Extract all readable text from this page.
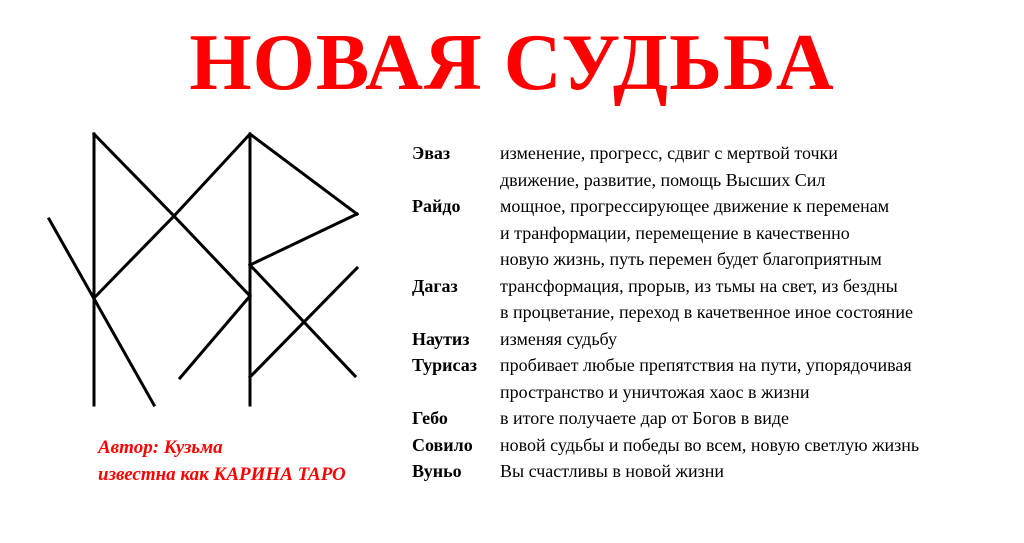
НОВАЯ СУДЬБА
Автор: Кузьма
известна как КАРИНА ТАРО
Эваз	изменение, прогресс, сдвиг с мертвой точки
движение, развитие, помощь Высших Сил
Райдо	мощное, прогрессирующее движение к переменам
и транформации, перемещение в качественно
новую жизнь, путь перемен будет благоприятным
Дагаз	трансформация, прорыв, из тьмы на свет, из бездны
в процветание, переход в качетвенное иное состояние
Наутиз	изменяя судьбу
Турисаз	пробивает любые препятствия на пути, упорядочивая
пространство и уничтожая хаос в жизни
Гебо	в итоге получаете дар от Богов в виде
Совило	новой судьбы и победы во всем, новую светлую жизнь
Вуньо	Вы счастливы в новой жизни
